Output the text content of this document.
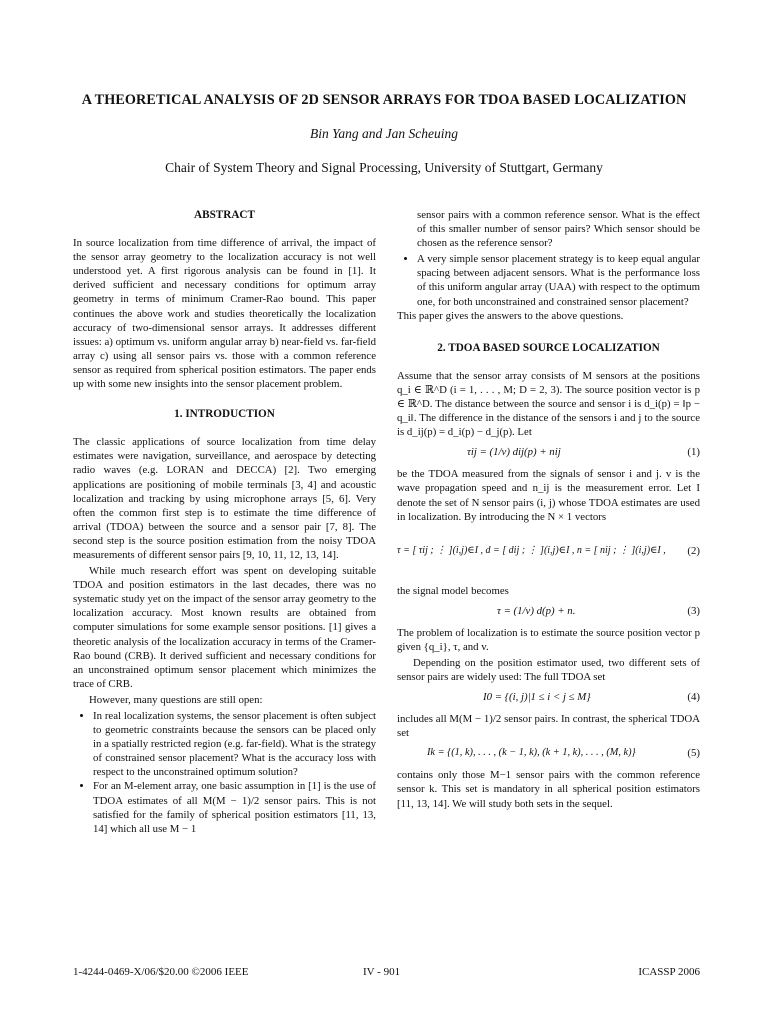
A THEORETICAL ANALYSIS OF 2D SENSOR ARRAYS FOR TDOA BASED LOCALIZATION
Bin Yang and Jan Scheuing
Chair of System Theory and Signal Processing, University of Stuttgart, Germany
ABSTRACT

In source localization from time difference of arrival, the impact of the sensor array geometry to the localization accuracy is not well understood yet. A first rigorous analysis can be found in [1]. It derived sufficient and necessary conditions for optimum array geometry in terms of minimum Cramer-Rao bound. This paper continues the above work and studies theoretically the localization accuracy of two-dimensional sensor arrays. It addresses different issues: a) optimum vs. uniform angular array b) near-field vs. far-field array c) using all sensor pairs vs. those with a common reference sensor as required from spherical position estimators. The paper ends up with some new insights into the sensor placement problem.

1. INTRODUCTION

The classic applications of source localization from time delay estimates were navigation, surveillance, and aerospace by detecting radio waves (e.g. LORAN and DECCA) [2]. Two emerging applications are positioning of mobile terminals [3, 4] and acoustic localization and tracking by using microphone arrays [5, 6]. Very often the common first step is to estimate the time difference of arrival (TDOA) between the source and a sensor pair [7, 8]. The second step is the source position estimation from the noisy TDOA measurements of different sensor pairs [9, 10, 11, 12, 13, 14].

While much research effort was spent on developing suitable TDOA and position estimators in the last decades, there was no systematic study yet on the impact of the sensor array geometry to the localization accuracy. Most known results are obtained from computer simulations for some example sensor positions. [1] gives a theoretic analysis of the localization accuracy in terms of the Cramer-Rao bound (CRB). It derived sufficient and necessary conditions for an unconstrained optimum sensor placement which minimizes the trace of CRB.

However, many questions are still open:

• In real localization systems, the sensor placement is often subject to geometric constraints because the sensors can be placed only in a spatially restricted region (e.g. far-field). What is the strategy of constrained sensor placement? What is the accuracy loss with respect to the unconstrained optimum solution?
• For an M-element array, one basic assumption in [1] is the use of TDOA estimates of all M(M − 1)/2 sensor pairs. This is not satisfied for the family of spherical position estimators [11, 13, 14] which all use M − 1

sensor pairs with a common reference sensor. What is the effect of this smaller number of sensor pairs? Which sensor should be chosen as the reference sensor?

• A very simple sensor placement strategy is to keep equal angular spacing between adjacent sensors. What is the performance loss of this uniform angular array (UAA) with respect to the optimum one, for both unconstrained and constrained sensor placement?

This paper gives the answers to the above questions.

2. TDOA BASED SOURCE LOCALIZATION

Assume that the sensor array consists of M sensors at the positions q_i ∈ ℝ^D (i = 1, . . . , M; D = 2, 3). The source position vector is p ∈ ℝ^D. The distance between the source and sensor i is d_i(p) = ‖p − q_i‖. The difference in the distance of the sensors i and j to the source is d_ij(p) = d_i(p) − d_j(p). Let

τij = (1/v) dij(p) + nij	(1)

be the TDOA measured from the signals of sensor i and j. v is the wave propagation speed and n_ij is the measurement error. Let I denote the set of N sensor pairs (i, j) whose TDOA estimates are used in localization. By introducing the N × 1 vectors

τ = [ τij ; ⋮ ](i,j)∈I , d = [ dij ; ⋮ ](i,j)∈I , n = [ nij ; ⋮ ](i,j)∈I , (2)

the signal model becomes

τ = (1/v) d(p) + n.	(3)

The problem of localization is to estimate the source position vector p given {q_i}, τ, and v.

Depending on the position estimator used, two different sets of sensor pairs are widely used: The full TDOA set

I0 = {(i, j)|1 ≤ i < j ≤ M}	(4)

includes all M(M − 1)/2 sensor pairs. In contrast, the spherical TDOA set

Ik = {(1, k), . . . , (k − 1, k), (k + 1, k), . . . , (M, k)}	(5)

contains only those M−1 sensor pairs with the common reference sensor k. This set is mandatory in all spherical position estimators [11, 13, 14]. We will study both sets in the sequel.

1-4244-0469-X/06/$20.00 ©2006 IEEE	IV - 901	ICASSP 2006
